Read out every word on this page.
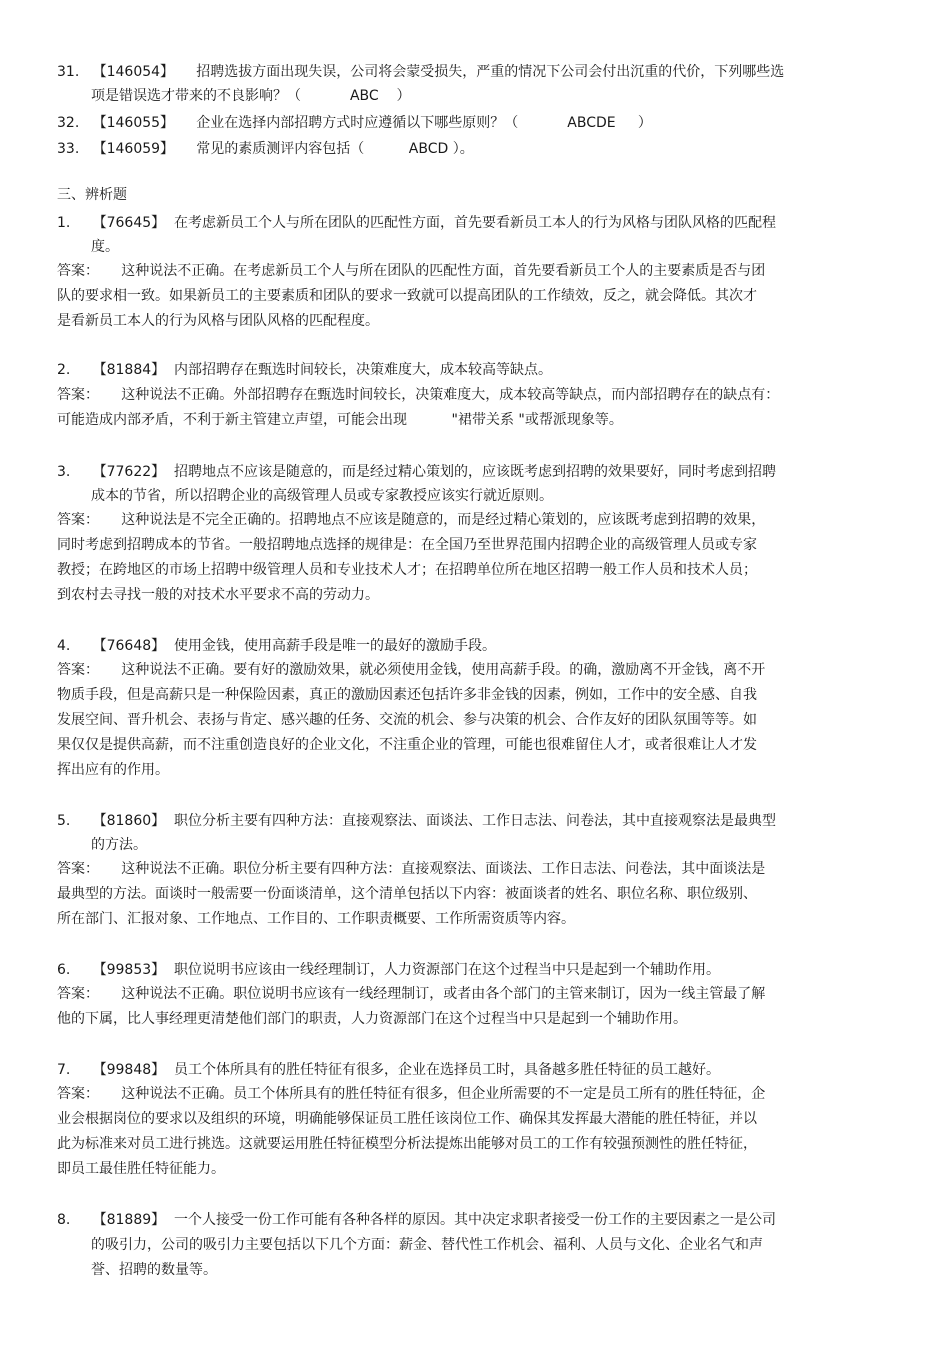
31.   【146054】     招聘选拔方面出现失误，公司将会蒙受损失，严重的情况下公司会付出沉重的代价，下列哪些选
项是错误选才带来的不良影响？（           ABC    ）
32.   【146055】     企业在选择内部招聘方式时应遵循以下哪些原则？（           ABCDE     ）
33.   【146059】     常见的素质测评内容包括（          ABCD ）。
三、辨析题
1.     【76645】  在考虑新员工个人与所在团队的匹配性方面，首先要看新员工本人的行为风格与团队风格的匹配程
度。
答案：     这种说法不正确。在考虑新员工个人与所在团队的匹配性方面，首先要看新员工个人的主要素质是否与团
队的要求相一致。如果新员工的主要素质和团队的要求一致就可以提高团队的工作绩效，反之，就会降低。其次才
是看新员工本人的行为风格与团队风格的匹配程度。
2.     【81884】  内部招聘存在甄选时间较长，决策难度大，成本较高等缺点。
答案：     这种说法不正确。外部招聘存在甄选时间较长，决策难度大，成本较高等缺点，而内部招聘存在的缺点有：
可能造成内部矛盾，不利于新主管建立声望，可能会出现          "裙带关系 "或帮派现象等。
3.     【77622】  招聘地点不应该是随意的，而是经过精心策划的，应该既考虑到招聘的效果要好，同时考虑到招聘
成本的节省，所以招聘企业的高级管理人员或专家教授应该实行就近原则。
答案：     这种说法是不完全正确的。招聘地点不应该是随意的，而是经过精心策划的，应该既考虑到招聘的效果，
同时考虑到招聘成本的节省。一般招聘地点选择的规律是：在全国乃至世界范围内招聘企业的高级管理人员或专家
教授；在跨地区的市场上招聘中级管理人员和专业技术人才；在招聘单位所在地区招聘一般工作人员和技术人员；
到农村去寻找一般的对技术水平要求不高的劳动力。
4.     【76648】  使用金钱，使用高薪手段是唯一的最好的激励手段。
答案：     这种说法不正确。要有好的激励效果，就必须使用金钱，使用高薪手段。的确，激励离不开金钱，离不开
物质手段，但是高薪只是一种保险因素，真正的激励因素还包括许多非金钱的因素，例如，工作中的安全感、自我
发展空间、晋升机会、表扬与肯定、感兴趣的任务、交流的机会、参与决策的机会、合作友好的团队氛围等等。如
果仅仅是提供高薪，而不注重创造良好的企业文化，不注重企业的管理，可能也很难留住人才，或者很难让人才发
挥出应有的作用。
5.     【81860】  职位分析主要有四种方法：直接观察法、面谈法、工作日志法、问卷法，其中直接观察法是最典型
的方法。
答案：     这种说法不正确。职位分析主要有四种方法：直接观察法、面谈法、工作日志法、问卷法，其中面谈法是
最典型的方法。面谈时一般需要一份面谈清单，这个清单包括以下内容：被面谈者的姓名、职位名称、职位级别、
所在部门、汇报对象、工作地点、工作目的、工作职责概要、工作所需资质等内容。
6.     【99853】  职位说明书应该由一线经理制订，人力资源部门在这个过程当中只是起到一个辅助作用。
答案：     这种说法不正确。职位说明书应该有一线经理制订，或者由各个部门的主管来制订，因为一线主管最了解
他的下属，比人事经理更清楚他们部门的职责，人力资源部门在这个过程当中只是起到一个辅助作用。
7.     【99848】  员工个体所具有的胜任特征有很多，企业在选择员工时，具备越多胜任特征的员工越好。
答案：     这种说法不正确。员工个体所具有的胜任特征有很多，但企业所需要的不一定是员工所有的胜任特征，企
业会根据岗位的要求以及组织的环境，明确能够保证员工胜任该岗位工作、确保其发挥最大潜能的胜任特征，并以
此为标准来对员工进行挑选。这就要运用胜任特征模型分析法提炼出能够对员工的工作有较强预测性的胜任特征，
即员工最佳胜任特征能力。
8.     【81889】  一个人接受一份工作可能有各种各样的原因。其中决定求职者接受一份工作的主要因素之一是公司
的吸引力，公司的吸引力主要包括以下几个方面：薪金、替代性工作机会、福利、人员与文化、企业名气和声
誉、招聘的数量等。
